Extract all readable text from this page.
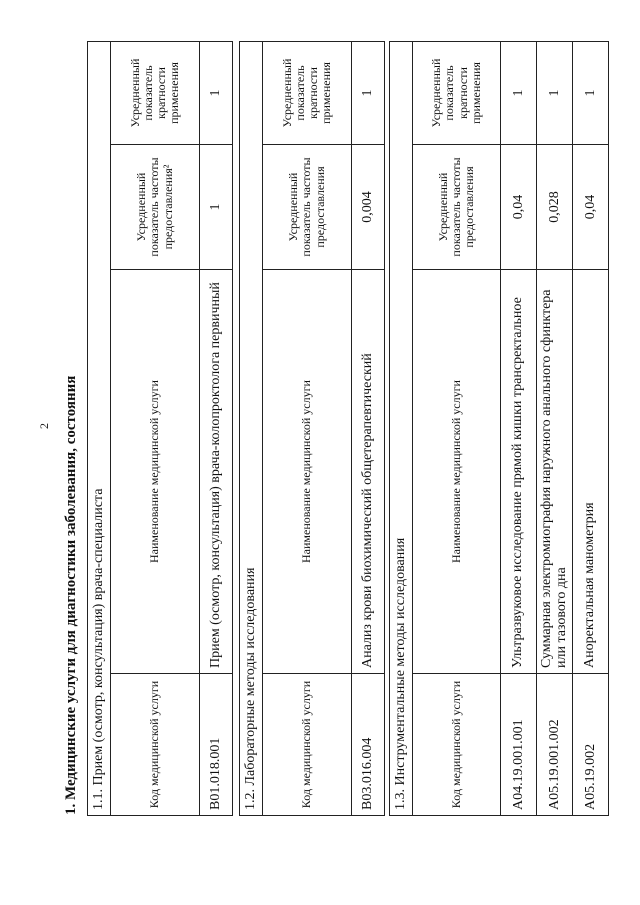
2 1. Медицинские услуги для диагностики заболевания, состояния 1.1. Прием (осмотр, консультация) врача-специалиста			
Код медицинской услуги	Наименование медицинской услуги	Усредненный показатель частоты предоставления²	Усредненный показатель кратности применения
B01.018.001	Прием (осмотр, консультация) врача-колопроктолога первичный	1	1
1.2. Лабораторные методы исследования			
Код медицинской услуги	Наименование медицинской услуги	Усредненный показатель частоты предоставления	Усредненный показатель кратности применения
B03.016.004	Анализ крови биохимический общетерапевтический	0,004	1
1.3. Инструментальные методы исследования			
Код медицинской услуги	Наименование медицинской услуги	Усредненный показатель частоты предоставления	Усредненный показатель кратности применения
A04.19.001.001	Ультразвуковое исследование прямой кишки трансректальное	0,04	1
A05.19.001.002	Суммарная электромиография наружного анального сфинктера или тазового дна	0,028	1
A05.19.002	Аноректальная манометрия	0,04	1
